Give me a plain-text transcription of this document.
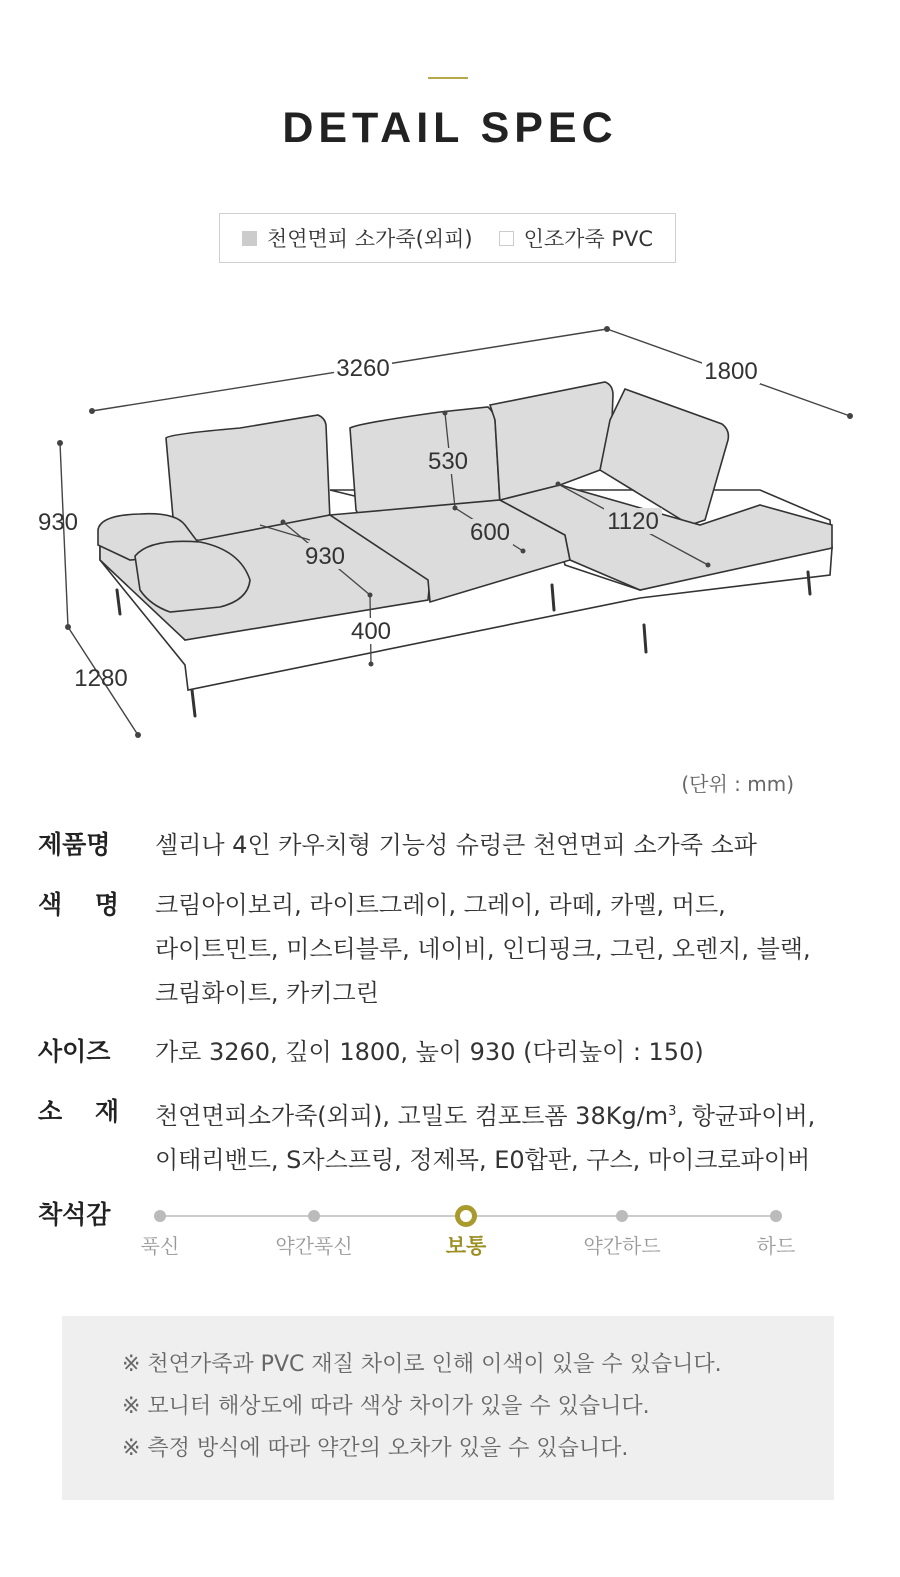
DETAIL SPEC
천연면피 소가죽(외피) 인조가죽 PVC
3260	1800
930
1280
530
930
600	1120
400
(단위 : mm)
제품명	셀리나 4인 카우치형 기능성 슈렁큰 천연면피 소가죽 소파
색 명 크림아이보리, 라이트그레이, 그레이, 라떼, 카멜, 머드,
라이트민트, 미스티블루, 네이비, 인디핑크, 그린, 오렌지, 블랙,
크림화이트, 카키그린
사이즈	가로 3260, 깊이 1800, 높이 930 (다리높이 : 150)
소 재 천연면피소가죽(외피), 고밀도 컴포트폼 $38Kg/m^3$, 항균파이버,
이태리밴드, S자스프링, 정제목, E0합판, 구스, 마이크로파이버
착석감
푹신	약간푹신	보통	약간하드	하드

※ 천연가죽과 PVC 재질 차이로 인해 이색이 있을 수 있습니다.

※ 모니터 해상도에 따라 색상 차이가 있을 수 있습니다.

※ 측정 방식에 따라 약간의 오차가 있을 수 있습니다.
